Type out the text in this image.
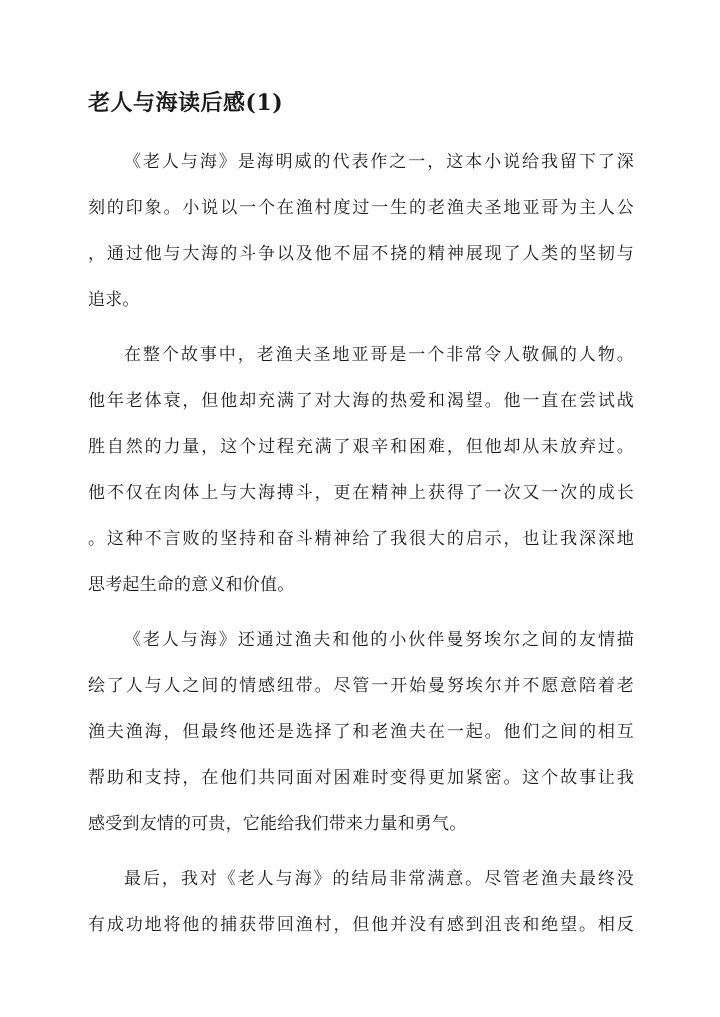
老人与海读后感(1)
《老人与海》是海明威的代表作之一，这本小说给我留下了深
刻的印象。小说以一个在渔村度过一生的老渔夫圣地亚哥为主人公
，通过他与大海的斗争以及他不屈不挠的精神展现了人类的坚韧与
追求。
在整个故事中，老渔夫圣地亚哥是一个非常令人敬佩的人物。
他年老体衰，但他却充满了对大海的热爱和渴望。他一直在尝试战
胜自然的力量，这个过程充满了艰辛和困难，但他却从未放弃过。
他不仅在肉体上与大海搏斗，更在精神上获得了一次又一次的成长
。这种不言败的坚持和奋斗精神给了我很大的启示，也让我深深地
思考起生命的意义和价值。
《老人与海》还通过渔夫和他的小伙伴曼努埃尔之间的友情描
绘了人与人之间的情感纽带。尽管一开始曼努埃尔并不愿意陪着老
渔夫渔海，但最终他还是选择了和老渔夫在一起。他们之间的相互
帮助和支持，在他们共同面对困难时变得更加紧密。这个故事让我
感受到友情的可贵，它能给我们带来力量和勇气。
最后，我对《老人与海》的结局非常满意。尽管老渔夫最终没
有成功地将他的捕获带回渔村，但他并没有感到沮丧和绝望。相反
